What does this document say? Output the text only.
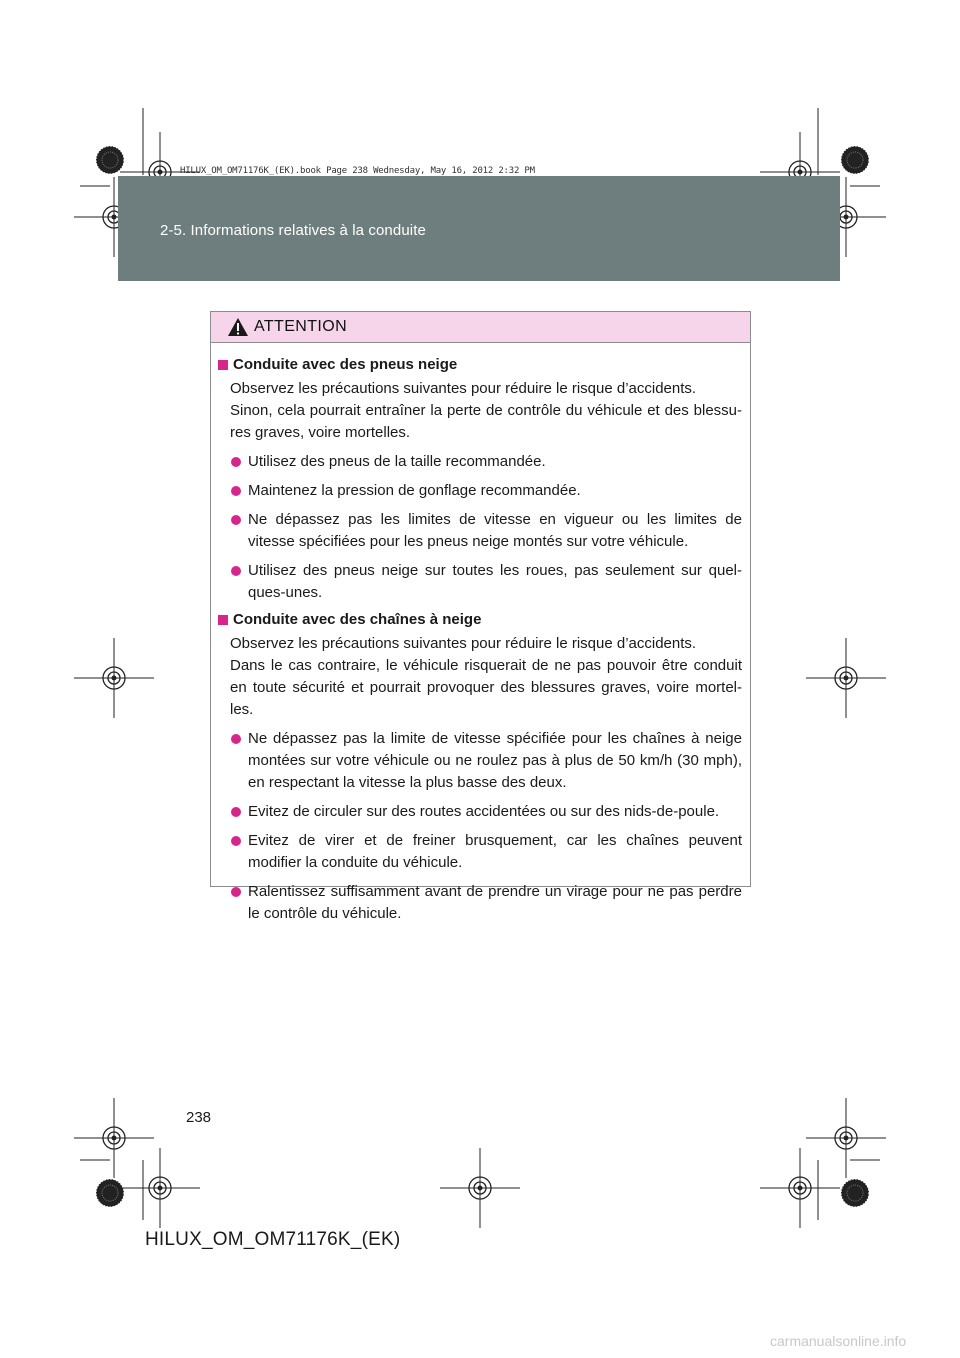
HILUX_OM_OM71176K_(EK).book Page 238 Wednesday, May 16, 2012 2:32 PM
2-5. Informations relatives à la conduite
ATTENTION
Conduite avec des pneus neige
Observez les précautions suivantes pour réduire le risque d’accidents.
Sinon, cela pourrait entraîner la perte de contrôle du véhicule et des blessu-res graves, voire mortelles.
Utilisez des pneus de la taille recommandée.
Maintenez la pression de gonflage recommandée.
Ne dépassez pas les limites de vitesse en vigueur ou les limites de vitesse spécifiées pour les pneus neige montés sur votre véhicule.
Utilisez des pneus neige sur toutes les roues, pas seulement sur quel-ques-unes.
Conduite avec des chaînes à neige
Observez les précautions suivantes pour réduire le risque d’accidents.
Dans le cas contraire, le véhicule risquerait de ne pas pouvoir être conduit en toute sécurité et pourrait provoquer des blessures graves, voire mortel-les.
Ne dépassez pas la limite de vitesse spécifiée pour les chaînes à neige montées sur votre véhicule ou ne roulez pas à plus de 50 km/h (30 mph), en respectant la vitesse la plus basse des deux.
Evitez de circuler sur des routes accidentées ou sur des nids-de-poule.
Evitez de virer et de freiner brusquement, car les chaînes peuvent modifier la conduite du véhicule.
Ralentissez suffisamment avant de prendre un virage pour ne pas perdre le contrôle du véhicule.
238
HILUX_OM_OM71176K_(EK)
carmanualsonline.info
